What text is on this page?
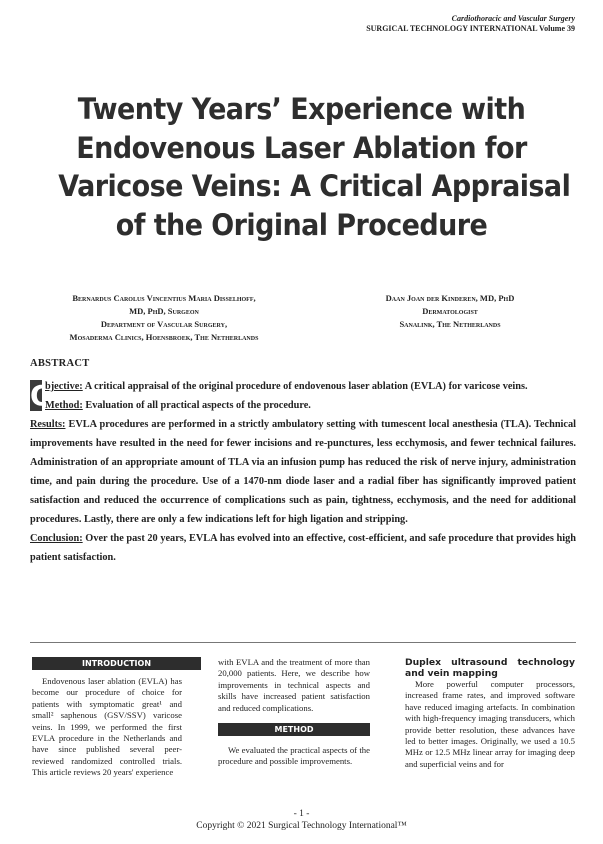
Cardiothoracic and Vascular Surgery
SURGICAL TECHNOLOGY INTERNATIONAL Volume 39
Twenty Years’ Experience with
Endovenous Laser Ablation for
Varicose Veins: A Critical Appraisal
of the Original Procedure
Bernardus Carolus Vincentius Maria Disselhoff,
MD, PhD, Surgeon
Department of Vascular Surgery,
Mosaderma Clinics, Hoensbroek, The Netherlands
Daan Joan der Kinderen, MD, PhD
Dermatologist
Sanalink, The Netherlands
ABSTRACT

O
bjective: A critical appraisal of the original procedure of endovenous laser ablation (EVLA) for varicose veins.

Method: Evaluation of all practical aspects of the procedure.

Results: EVLA procedures are performed in a strictly ambulatory setting with tumescent local anesthesia (TLA). Technical improvements have resulted in the need for fewer incisions and re-punctures, less ecchymosis, and fewer technical failures. Administration of an appropriate amount of TLA via an infusion pump has reduced the risk of nerve injury, administration time, and pain during the procedure. Use of a 1470-nm diode laser and a radial fiber has significantly improved patient satisfaction and reduced the occurrence of complications such as pain, tightness, ecchymosis, and the need for additional procedures. Lastly, there are only a few indications left for high ligation and stripping.

Conclusion: Over the past 20 years, EVLA has evolved into an effective, cost-efficient, and safe procedure that provides high patient satisfaction.

INTRODUCTION

Endovenous laser ablation (EVLA) has become our procedure of choice for patients with symptomatic great¹ and small² saphenous (GSV/SSV) varicose veins. In 1999, we performed the first EVLA procedure in the Netherlands and have since published several peer-reviewed randomized controlled trials. This article reviews 20 years' experience

with EVLA and the treatment of more than 20,000 patients. Here, we describe how improvements in technical aspects and skills have increased patient satisfaction and reduced complications.

METHOD

We evaluated the practical aspects of the procedure and possible improvements.

Duplex ultrasound technology and vein mapping

More powerful computer processors, increased frame rates, and improved software have reduced imaging artefacts. In combination with high-frequency imaging transducers, which provide better resolution, these advances have led to better images. Originally, we used a 10.5 MHz or 12.5 MHz linear array for imaging deep and superficial veins and for

- 1 -
Copyright © 2021 Surgical Technology International™
